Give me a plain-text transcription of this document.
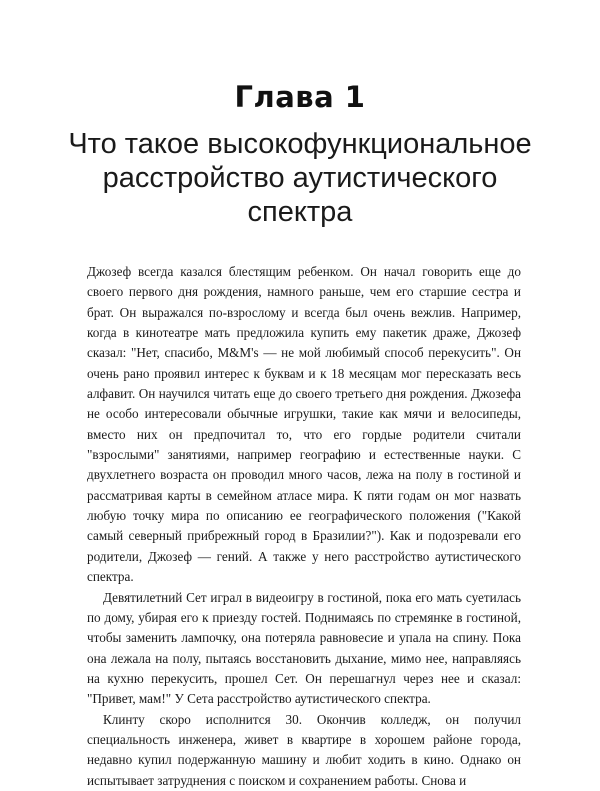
Глава 1
Что такое высокофункциональное
расстройство аутистического
спектра

Джозеф всегда казался блестящим ребенком. Он начал говорить еще до своего первого дня рождения, намного раньше, чем его старшие сестра и брат. Он выражался по-взрослому и всегда был очень вежлив. Например, когда в кинотеатре мать предложила купить ему пакетик драже, Джозеф сказал: "Нет, спасибо, M&M's — не мой любимый способ перекусить". Он очень рано проявил интерес к буквам и к 18 месяцам мог пересказать весь алфавит. Он научился читать еще до своего третьего дня рождения. Джозефа не особо интересовали обычные игрушки, такие как мячи и велосипеды, вместо них он предпочитал то, что его гордые родители считали "взрослыми" занятиями, например географию и естественные науки. С двухлетнего возраста он проводил много часов, лежа на полу в гостиной и рассматривая карты в семейном атласе мира. К пяти годам он мог назвать любую точку мира по описанию ее географического положения ("Какой самый северный прибрежный город в Бразилии?"). Как и подозревали его родители, Джозеф — гений. А также у него расстройство аутистического спектра.

Девятилетний Сет играл в видеоигру в гостиной, пока его мать суетилась по дому, убирая его к приезду гостей. Поднимаясь по стремянке в гостиной, чтобы заменить лампочку, она потеряла равновесие и упала на спину. Пока она лежала на полу, пытаясь восстановить дыхание, мимо нее, направляясь на кухню перекусить, прошел Сет. Он перешагнул через нее и сказал: "Привет, мам!" У Сета расстройство аутистического спектра.

Клинту скоро исполнится 30. Окончив колледж, он получил специальность инженера, живет в квартире в хорошем районе города, недавно купил подержанную машину и любит ходить в кино. Однако он испытывает затруднения с поиском и сохранением работы. Снова и
